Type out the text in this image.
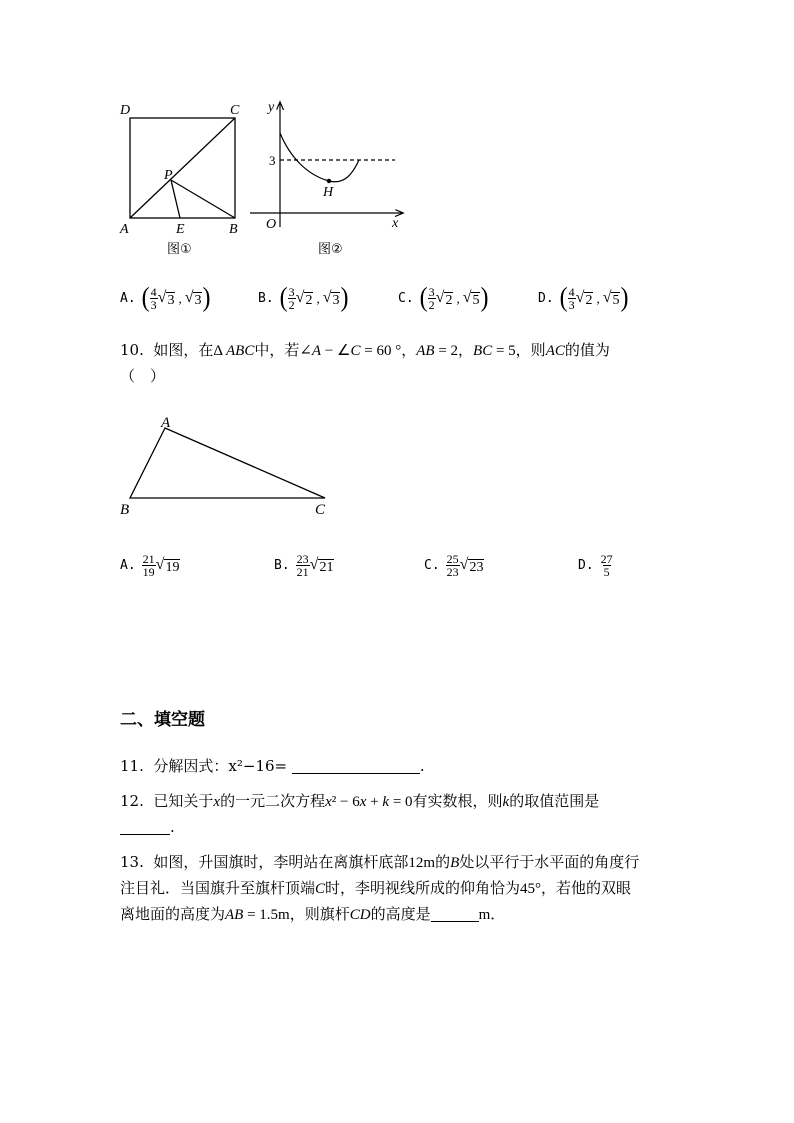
D	C
P
A	E	B
图①
y
3
H
O	x
图②
A. ( $\frac{4}{3}$ √ 3 , √ 3 )	B. ( $\frac{3}{2}$ √ 2 , √ 3 )	C. ( $\frac{3}{2}$ √ 2 , √ 5 )	D. ( $\frac{4}{3}$ √ 2 , √ 5 )
10. 如图，在Δ ABC中，若∠A − ∠C = 60 °，AB = 2，BC = 5，则AC的值为
（　）
A
B	C
A. $\frac{21}{19}$ √ 19	B. $\frac{23}{21}$ √ 21	C. $\frac{25}{23}$ √ 23	D. $\frac{27}{5}$
二、填空题
11. 分解因式：x²−16=	.
12. 已知关于x的一元二次方程x² − 6x + k = 0有实数根，则k的取值范围是
.
13. 如图，升国旗时，李明站在离旗杆底部12m的B处以平行于水平面的角度行
注目礼．当国旗升至旗杆顶端C时，李明视线所成的仰角恰为45°，若他的双眼
离地面的高度为AB = 1.5m，则旗杆CD的高度是	m．
